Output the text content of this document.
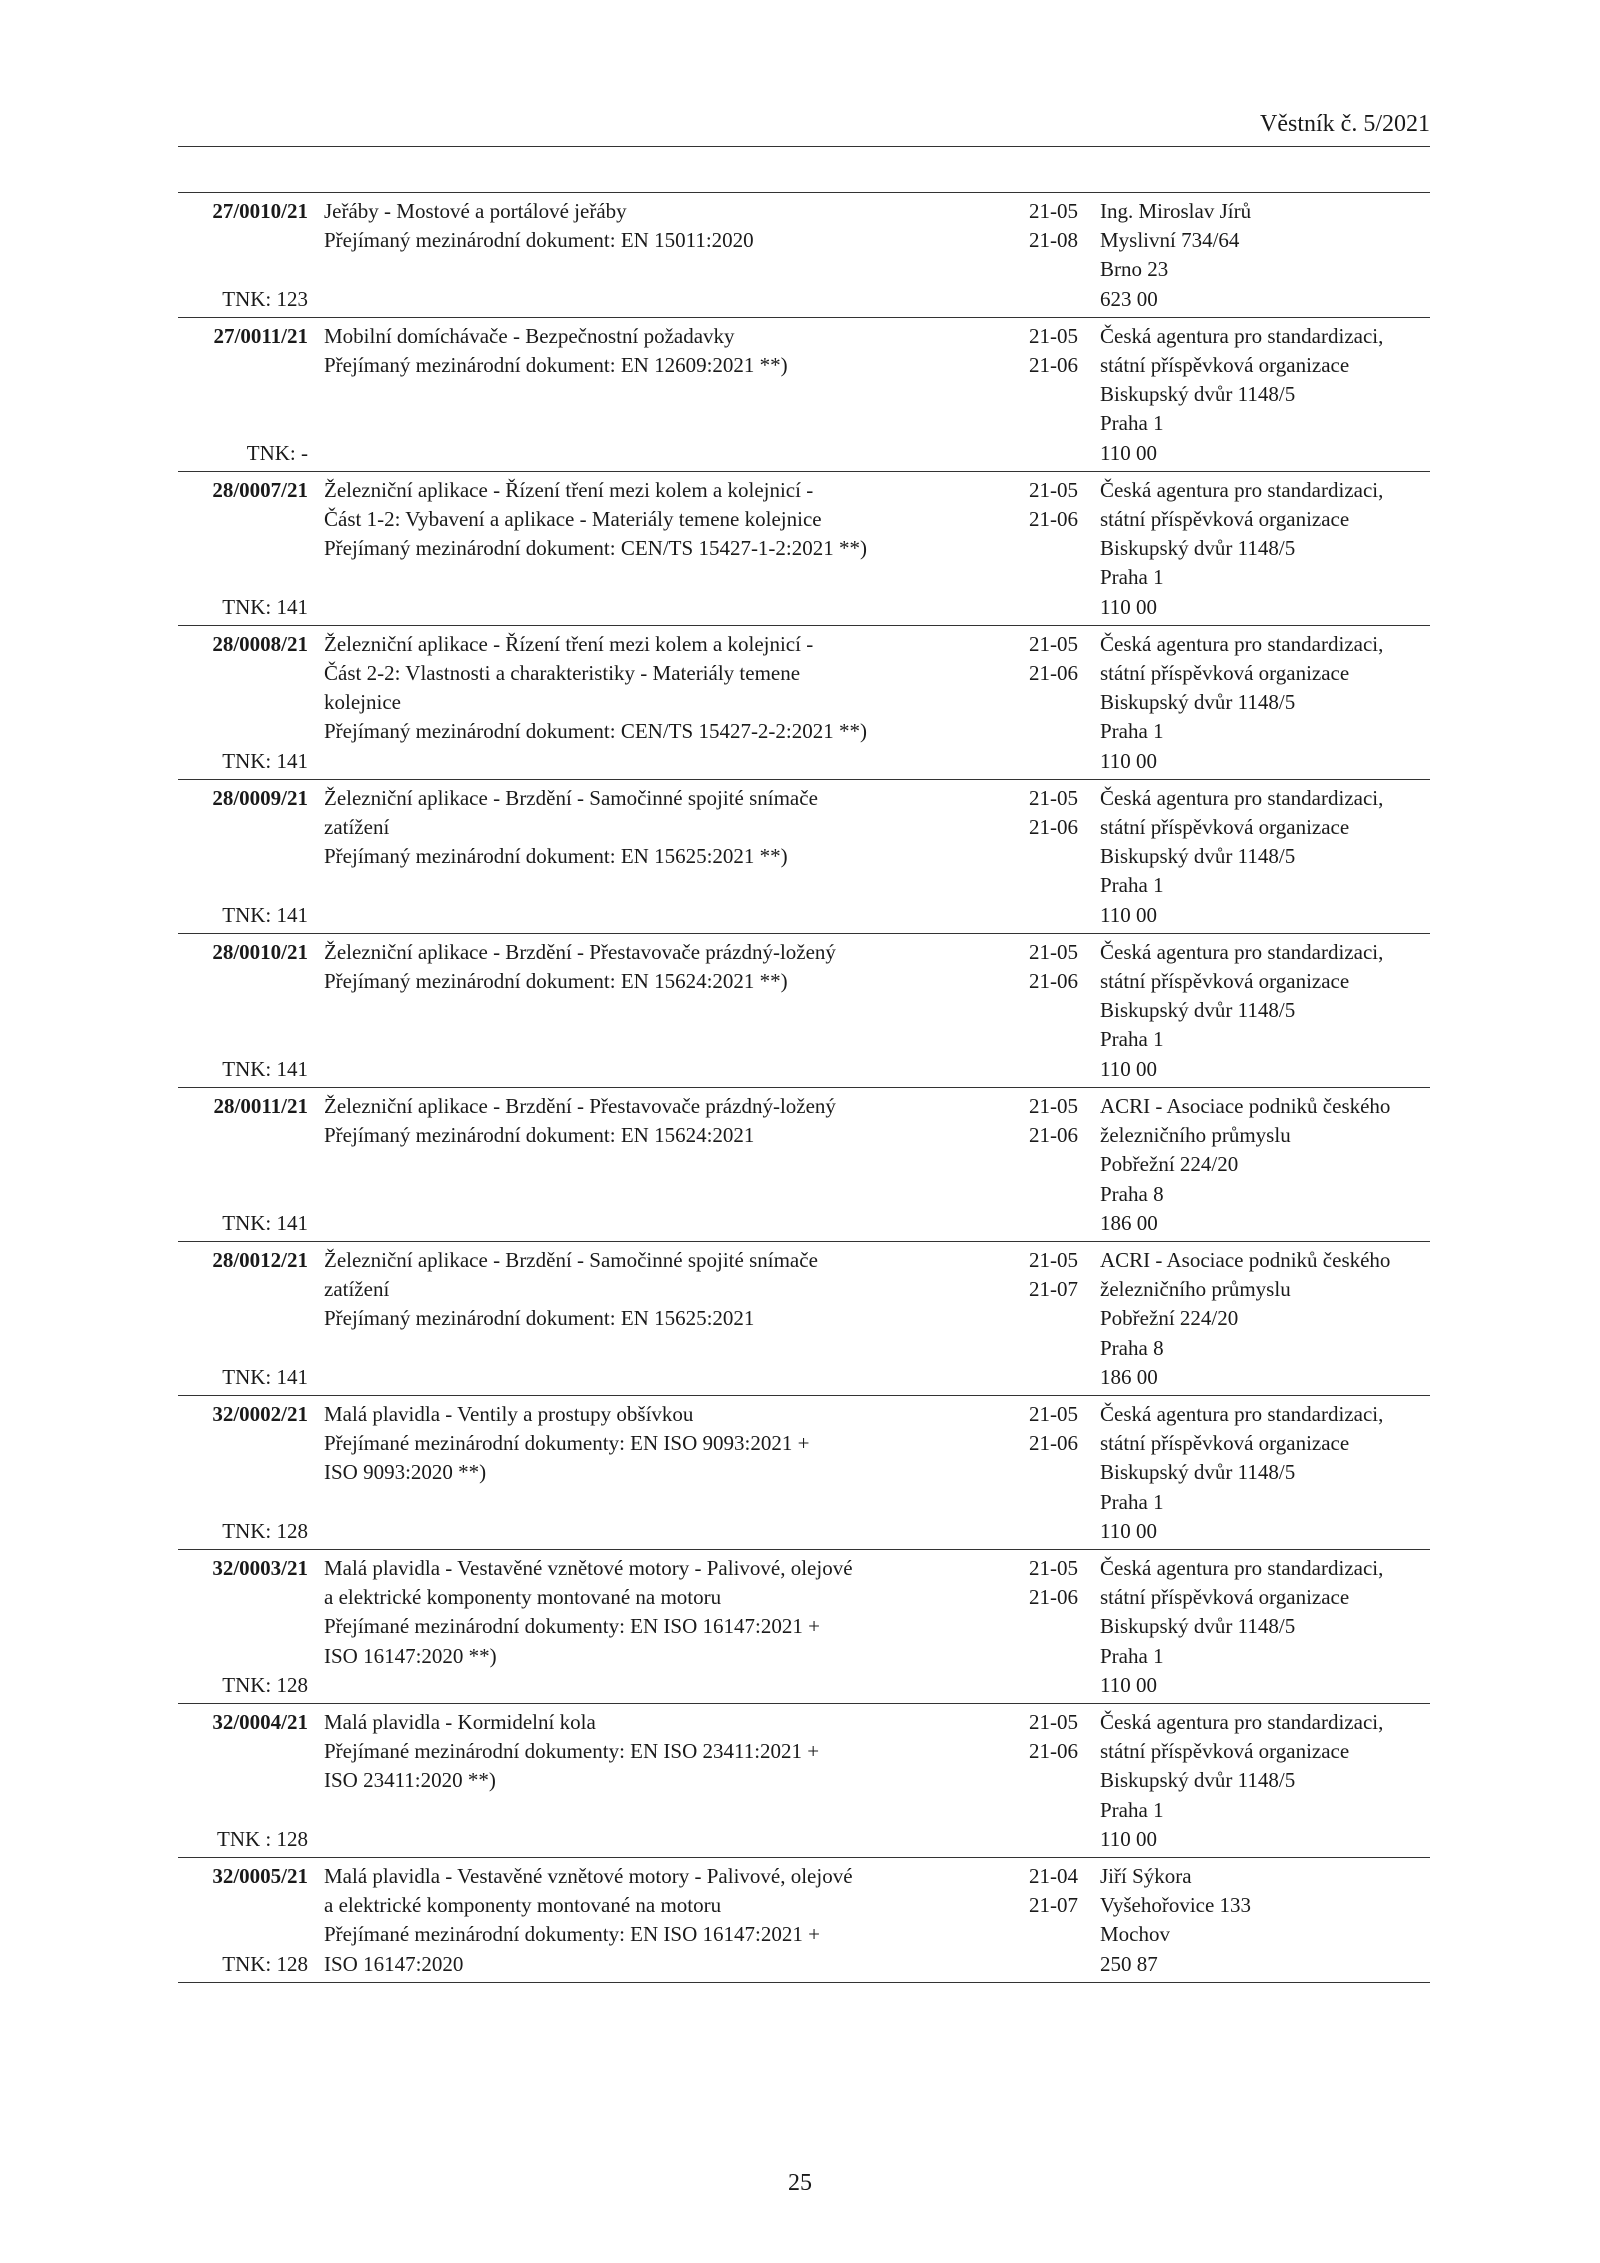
Věstník č. 5/2021
27/0010/21
TNK: 123
Jeřáby - Mostové a portálové jeřáby
Přejímaný mezinárodní dokument: EN 15011:2020
21-05
21-08
Ing. Miroslav Jírů
Myslivní 734/64
Brno 23
623 00
27/0011/21
TNK: -
Mobilní domíchávače - Bezpečnostní požadavky
Přejímaný mezinárodní dokument: EN 12609:2021 **)
21-05
21-06
Česká agentura pro standardizaci,
státní příspěvková organizace
Biskupský dvůr 1148/5
Praha 1
110 00
28/0007/21
TNK: 141
Železniční aplikace - Řízení tření mezi kolem a kolejnicí -
Část 1-2: Vybavení a aplikace - Materiály temene kolejnice
Přejímaný mezinárodní dokument: CEN/TS 15427-1-2:2021 **)
21-05
21-06
Česká agentura pro standardizaci,
státní příspěvková organizace
Biskupský dvůr 1148/5
Praha 1
110 00
28/0008/21
TNK: 141
Železniční aplikace - Řízení tření mezi kolem a kolejnicí -
Část 2-2: Vlastnosti a charakteristiky - Materiály temene
kolejnice
Přejímaný mezinárodní dokument: CEN/TS 15427-2-2:2021 **)
21-05
21-06
Česká agentura pro standardizaci,
státní příspěvková organizace
Biskupský dvůr 1148/5
Praha 1
110 00
28/0009/21
TNK: 141
Železniční aplikace - Brzdění - Samočinné spojité snímače
zatížení
Přejímaný mezinárodní dokument: EN 15625:2021 **)
21-05
21-06
Česká agentura pro standardizaci,
státní příspěvková organizace
Biskupský dvůr 1148/5
Praha 1
110 00
28/0010/21
TNK: 141
Železniční aplikace - Brzdění - Přestavovače prázdný-ložený
Přejímaný mezinárodní dokument: EN 15624:2021 **)
21-05
21-06
Česká agentura pro standardizaci,
státní příspěvková organizace
Biskupský dvůr 1148/5
Praha 1
110 00
28/0011/21
TNK: 141
Železniční aplikace - Brzdění - Přestavovače prázdný-ložený
Přejímaný mezinárodní dokument: EN 15624:2021
21-05
21-06
ACRI - Asociace podniků českého
železničního průmyslu
Pobřežní 224/20
Praha 8
186 00
28/0012/21
TNK: 141
Železniční aplikace - Brzdění - Samočinné spojité snímače
zatížení
Přejímaný mezinárodní dokument: EN 15625:2021
21-05
21-07
ACRI - Asociace podniků českého
železničního průmyslu
Pobřežní 224/20
Praha 8
186 00
32/0002/21
TNK: 128
Malá plavidla - Ventily a prostupy obšívkou
Přejímané mezinárodní dokumenty: EN ISO 9093:2021 +
ISO 9093:2020 **)
21-05
21-06
Česká agentura pro standardizaci,
státní příspěvková organizace
Biskupský dvůr 1148/5
Praha 1
110 00
32/0003/21
TNK: 128
Malá plavidla - Vestavěné vznětové motory - Palivové, olejové
a elektrické komponenty montované na motoru
Přejímané mezinárodní dokumenty: EN ISO 16147:2021 +
ISO 16147:2020 **)
21-05
21-06
Česká agentura pro standardizaci,
státní příspěvková organizace
Biskupský dvůr 1148/5
Praha 1
110 00
32/0004/21
TNK : 128
Malá plavidla - Kormidelní kola
Přejímané mezinárodní dokumenty: EN ISO 23411:2021 +
ISO 23411:2020 **)
21-05
21-06
Česká agentura pro standardizaci,
státní příspěvková organizace
Biskupský dvůr 1148/5
Praha 1
110 00
32/0005/21
TNK: 128
Malá plavidla - Vestavěné vznětové motory - Palivové, olejové
a elektrické komponenty montované na motoru
Přejímané mezinárodní dokumenty: EN ISO 16147:2021 +
ISO 16147:2020
21-04
21-07
Jiří Sýkora
Vyšehořovice 133
Mochov
250 87
25
